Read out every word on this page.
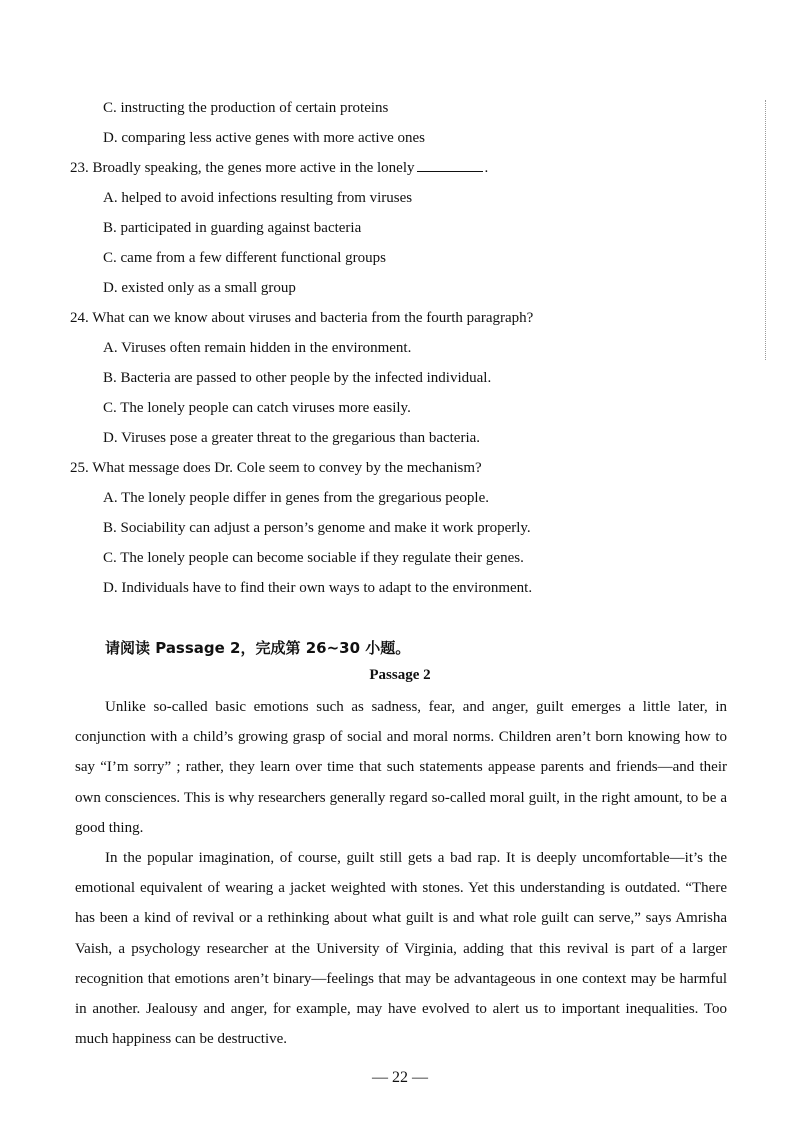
C. instructing the production of certain proteins
D. comparing less active genes with more active ones
23. Broadly speaking, the genes more active in the lonely	.
A. helped to avoid infections resulting from viruses
B. participated in guarding against bacteria
C. came from a few different functional groups
D. existed only as a small group
24. What can we know about viruses and bacteria from the fourth paragraph?
A. Viruses often remain hidden in the environment.
B. Bacteria are passed to other people by the infected individual.
C. The lonely people can catch viruses more easily.
D. Viruses pose a greater threat to the gregarious than bacteria.
25. What message does Dr. Cole seem to convey by the mechanism?
A. The lonely people differ in genes from the gregarious people.
B. Sociability can adjust a person’s genome and make it work properly.
C. The lonely people can become sociable if they regulate their genes.
D. Individuals have to find their own ways to adapt to the environment.
请阅读 Passage 2，完成第 26~30 小题。
Passage 2

Unlike so-called basic emotions such as sadness, fear, and anger, guilt emerges a little later, in conjunction with a child’s growing grasp of social and moral norms. Children aren’t born knowing how to say “I’m sorry” ; rather, they learn over time that such statements appease parents and friends—and their own consciences. This is why researchers generally regard so-called moral guilt, in the right amount, to be a good thing.

In the popular imagination, of course, guilt still gets a bad rap. It is deeply uncomfortable—it’s the emotional equivalent of wearing a jacket weighted with stones. Yet this understanding is outdated. “There has been a kind of revival or a rethinking about what guilt is and what role guilt can serve,” says Amrisha Vaish, a psychology researcher at the University of Virginia, adding that this revival is part of a larger recognition that emotions aren’t binary—feelings that may be advantageous in one context may be harmful in another. Jealousy and anger, for example, may have evolved to alert us to important inequalities. Too much happiness can be destructive.

— 22 —
